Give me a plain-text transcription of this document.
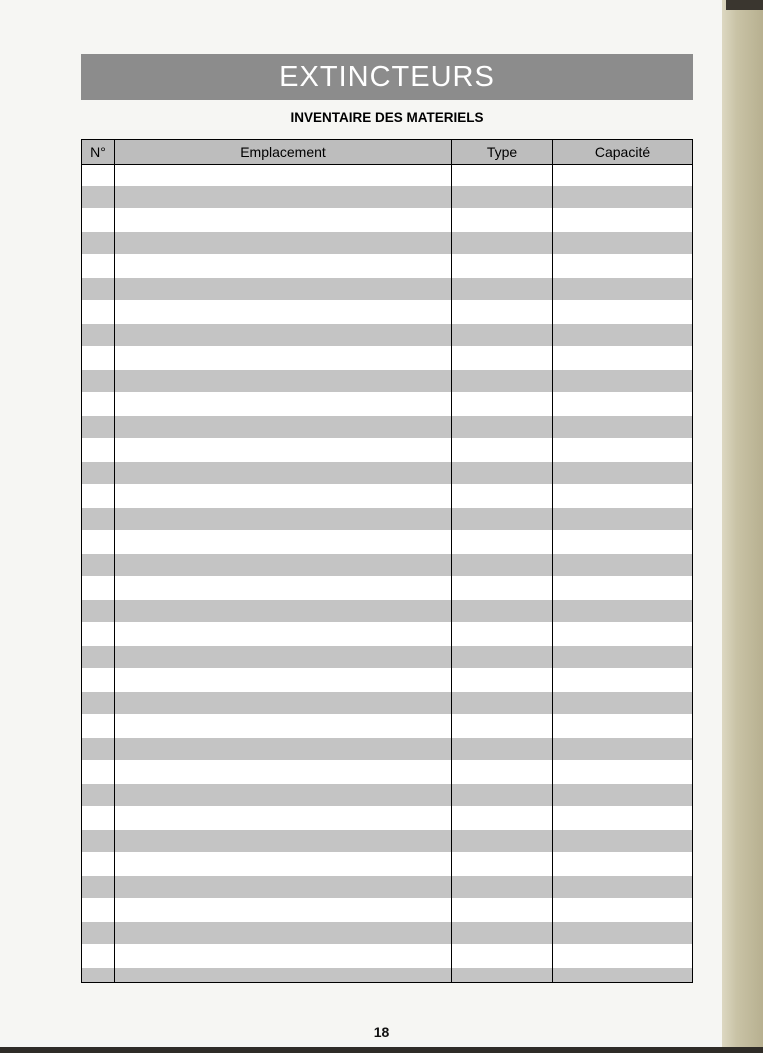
EXTINCTEURS
INVENTAIRE DES MATERIELS
N°	Emplacement	Type	Capacité
18
